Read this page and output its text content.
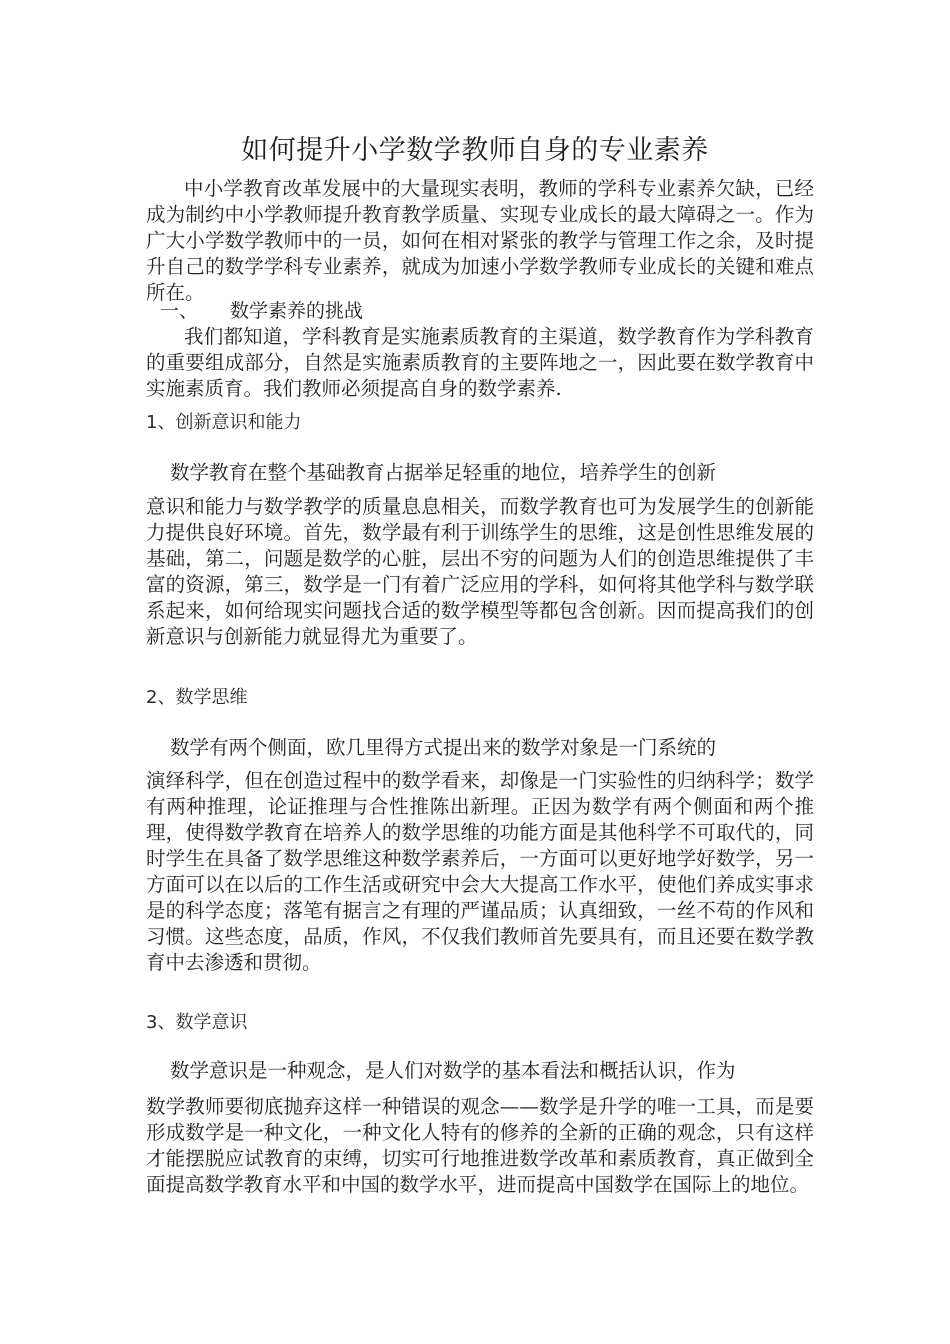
如何提升小学数学教师自身的专业素养

中小学教育改革发展中的大量现实表明，教师的学科专业素养欠缺，已经成为制约中小学教师提升教育教学质量、实现专业成长的最大障碍之一。作为广大小学数学教师中的一员，如何在相对紧张的教学与管理工作之余，及时提升自己的数学学科专业素养，就成为加速小学数学教师专业成长的关键和难点所在。

一、 数学素养的挑战

我们都知道，学科教育是实施素质教育的主渠道，数学教育作为学科教育的重要组成部分，自然是实施素质教育的主要阵地之一，因此要在数学教育中实施素质育。我们教师必须提高自身的数学素养.

1、创新意识和能力

数学教育在整个基础教育占据举足轻重的地位，培养学生的创新

意识和能力与数学教学的质量息息相关，而数学教育也可为发展学生的创新能力提供良好环境。首先，数学最有利于训练学生的思维，这是创性思维发展的基础，第二，问题是数学的心脏，层出不穷的问题为人们的创造思维提供了丰富的资源，第三，数学是一门有着广泛应用的学科，如何将其他学科与数学联系起来，如何给现实问题找合适的数学模型等都包含创新。因而提高我们的创新意识与创新能力就显得尤为重要了。

2、数学思维

数学有两个侧面，欧几里得方式提出来的数学对象是一门系统的

演绎科学，但在创造过程中的数学看来，却像是一门实验性的归纳科学；数学有两种推理，论证推理与合性推陈出新理。正因为数学有两个侧面和两个推理，使得数学教育在培养人的数学思维的功能方面是其他科学不可取代的，同时学生在具备了数学思维这种数学素养后，一方面可以更好地学好数学，另一方面可以在以后的工作生活或研究中会大大提高工作水平，使他们养成实事求是的科学态度；落笔有据言之有理的严谨品质；认真细致，一丝不苟的作风和习惯。这些态度，品质，作风，不仅我们教师首先要具有，而且还要在数学教育中去渗透和贯彻。

3、数学意识

数学意识是一种观念，是人们对数学的基本看法和概括认识，作为

数学教师要彻底抛弃这样一种错误的观念——数学是升学的唯一工具，而是要形成数学是一种文化，一种文化人特有的修养的全新的正确的观念，只有这样才能摆脱应试教育的束缚，切实可行地推进数学改革和素质教育，真正做到全面提高数学教育水平和中国的数学水平，进而提高中国数学在国际上的地位。
